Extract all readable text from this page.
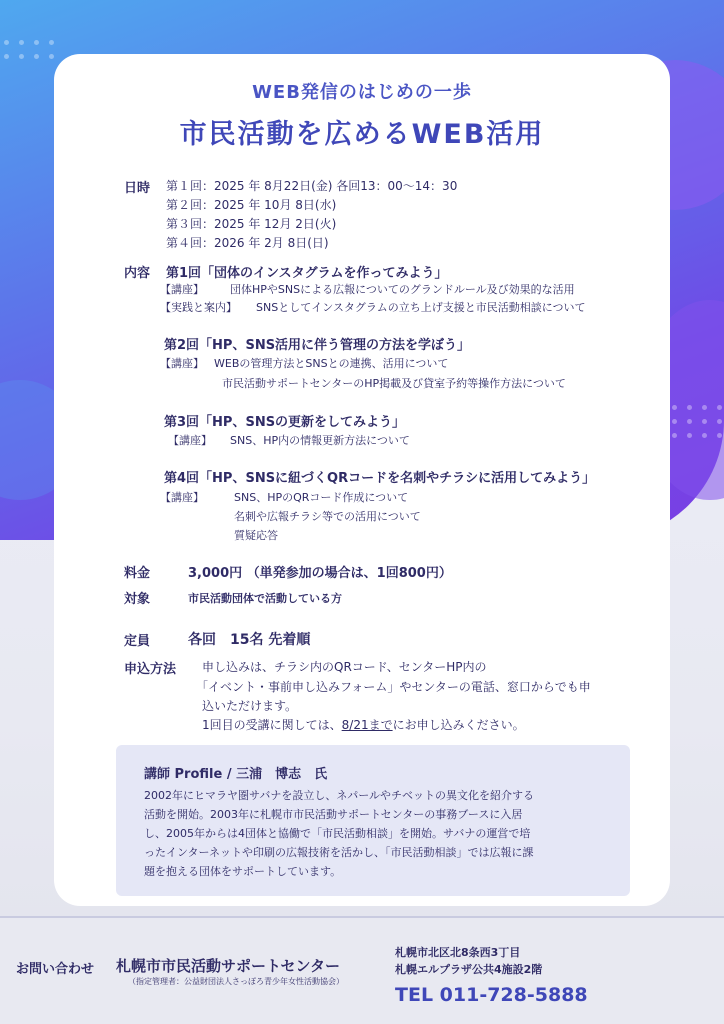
WEB発信のはじめの一歩
市民活動を広めるWEB活用
日時 第１回：2025 年 8月22日(金) 各回13：00〜14：30
第２回：2025 年 10月 8日(水)
第３回：2025 年 12月 2日(火)
第４回：2026 年 2月 8日(日)
内容 第1回「団体のインスタグラムを作ってみよう」
【講座】 団体HPやSNSによる広報についてのグランドルール及び効果的な活用
【実践と案内】 SNSとしてインスタグラムの立ち上げ支援と市民活動相談について
第2回「HP、SNS活用に伴う管理の方法を学ぼう」
【講座】 WEBの管理方法とSNSとの連携、活用について
市民活動サポートセンターのHP掲載及び貸室予約等操作方法について
第3回「HP、SNSの更新をしてみよう」
【講座】 SNS、HP内の情報更新方法について
第4回「HP、SNSに紐づくQRコードを名刺やチラシに活用してみよう」
【講座】	SNS、HPのQRコード作成について
名刺や広報チラシ等での活用について
質疑応答
料金	3,000円 （単発参加の場合は、1回800円）
対象	市民活動団体で活動している方
定員	各回　15名 先着順
申込方法 申し込みは、チラシ内のQRコード、センターHP内の
「イベント・事前申し込みフォーム」やセンターの電話、窓口からでも申
込いただけます。
1回目の受講に関しては、8/21までにお申し込みください。
講師 Profile / 三浦　博志　氏
2002年にヒマラヤ圏サバナを設立し、ネパールやチベットの異文化を紹介する
活動を開始。2003年に札幌市市民活動サポートセンターの事務ブースに入居
し、2005年からは4団体と協働で「市民活動相談」を開始。サバナの運営で培
ったインターネットや印刷の広報技術を活かし、「市民活動相談」では広報に課
題を抱える団体をサポートしています。
お問い合わせ 札幌市市民活動サポートセンター
（指定管理者：公益財団法人さっぽろ青少年女性活動協会）
札幌市北区北8条西3丁目
札幌エルプラザ公共4施設2階
TEL 011-728-5888
